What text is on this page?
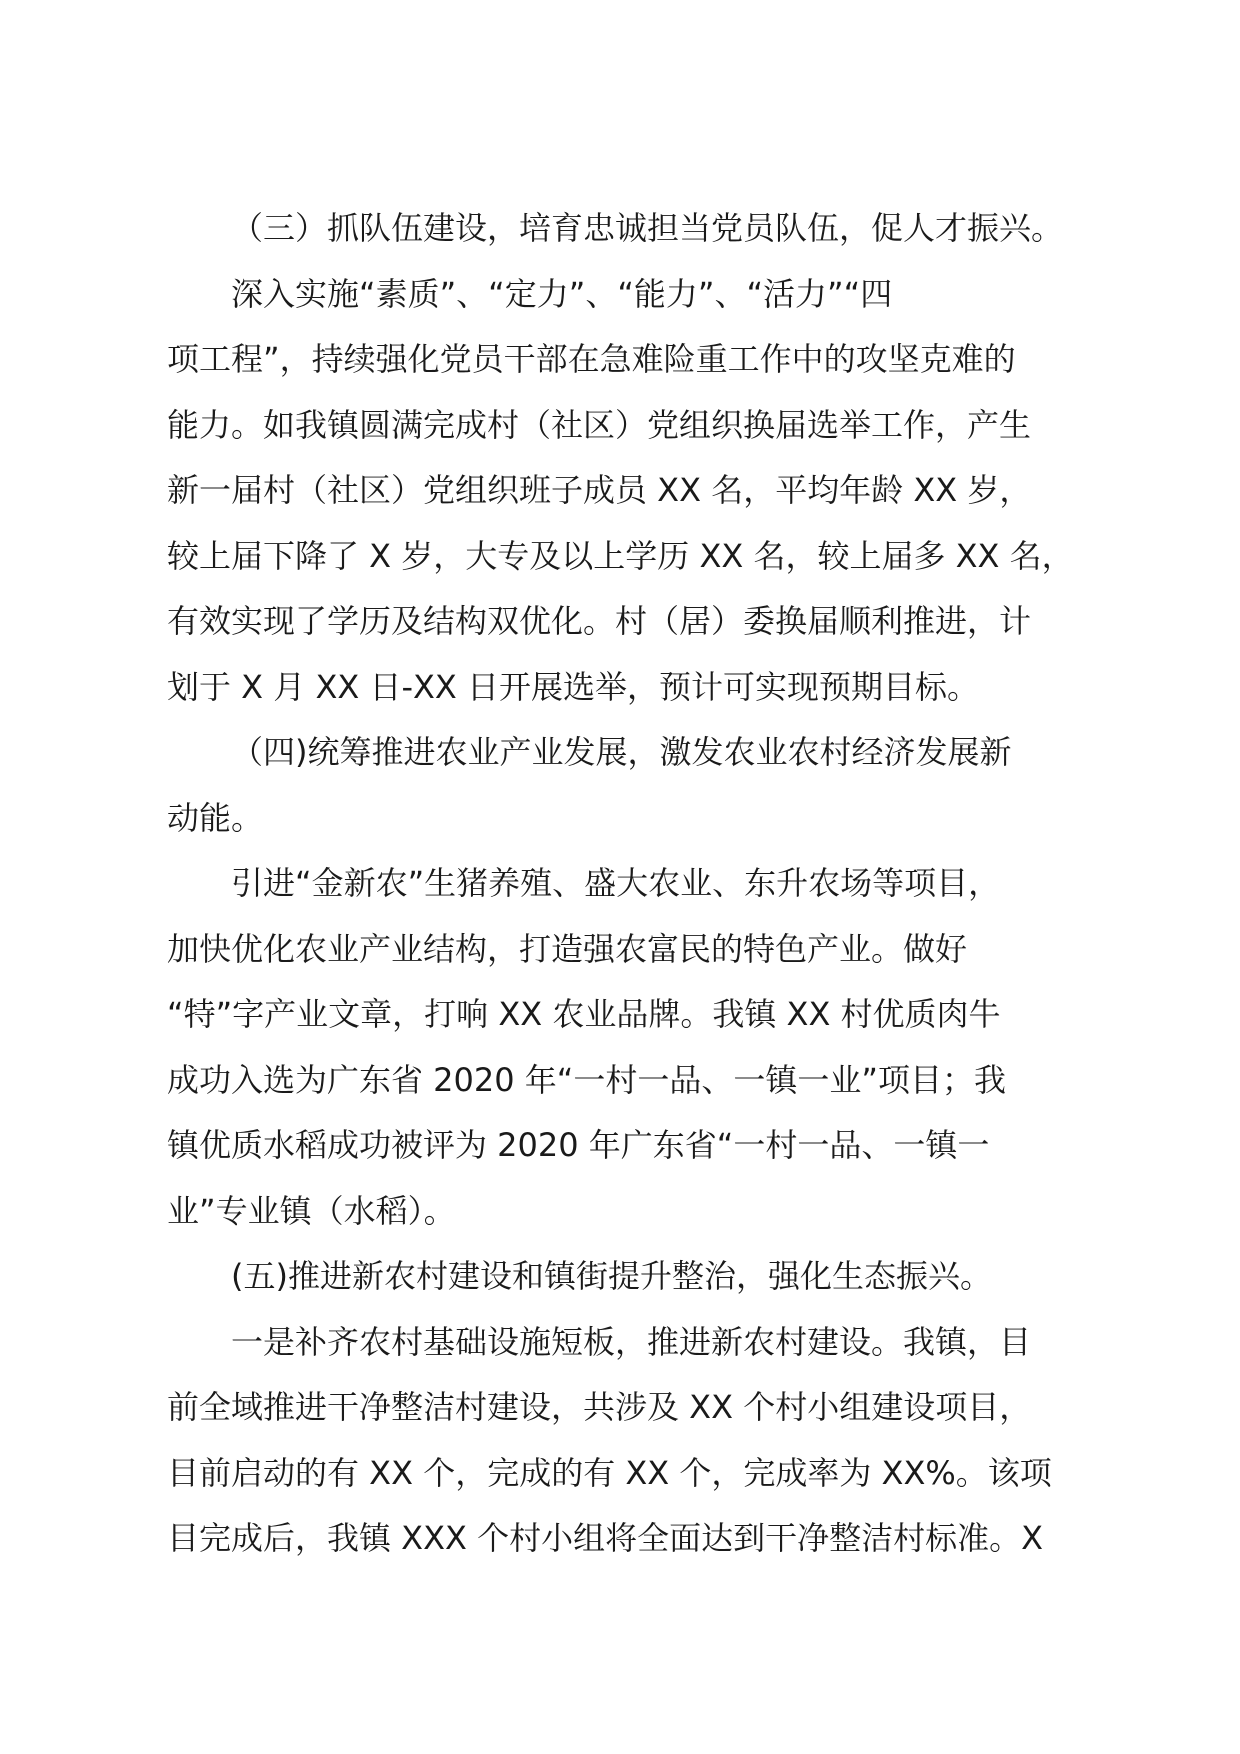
（三）抓队伍建设，培育忠诚担当党员队伍，促人才振兴。
深入实施“素质”、“定力”、“能力”、“活力”“四
项工程”，持续强化党员干部在急难险重工作中的攻坚克难的
能力。如我镇圆满完成村（社区）党组织换届选举工作，产生
新一届村（社区）党组织班子成员 XX 名，平均年龄 XX 岁，
较上届下降了 X 岁，大专及以上学历 XX 名，较上届多 XX 名，
有效实现了学历及结构双优化。村（居）委换届顺利推进，计
划于 X 月 XX 日-XX 日开展选举，预计可实现预期目标。
（四)统筹推进农业产业发展，激发农业农村经济发展新
动能。
引进“金新农”生猪养殖、盛大农业、东升农场等项目，
加快优化农业产业结构，打造强农富民的特色产业。做好
“特”字产业文章，打响 XX 农业品牌。我镇 XX 村优质肉牛
成功入选为广东省 2020 年“一村一品、一镇一业”项目；我
镇优质水稻成功被评为 2020 年广东省“一村一品、一镇一
业”专业镇（水稻）。
(五)推进新农村建设和镇街提升整治，强化生态振兴。
一是补齐农村基础设施短板，推进新农村建设。我镇，目
前全域推进干净整洁村建设，共涉及 XX 个村小组建设项目，
目前启动的有 XX 个，完成的有 XX 个，完成率为 XX%。该项
目完成后，我镇 XXX 个村小组将全面达到干净整洁村标准。X
